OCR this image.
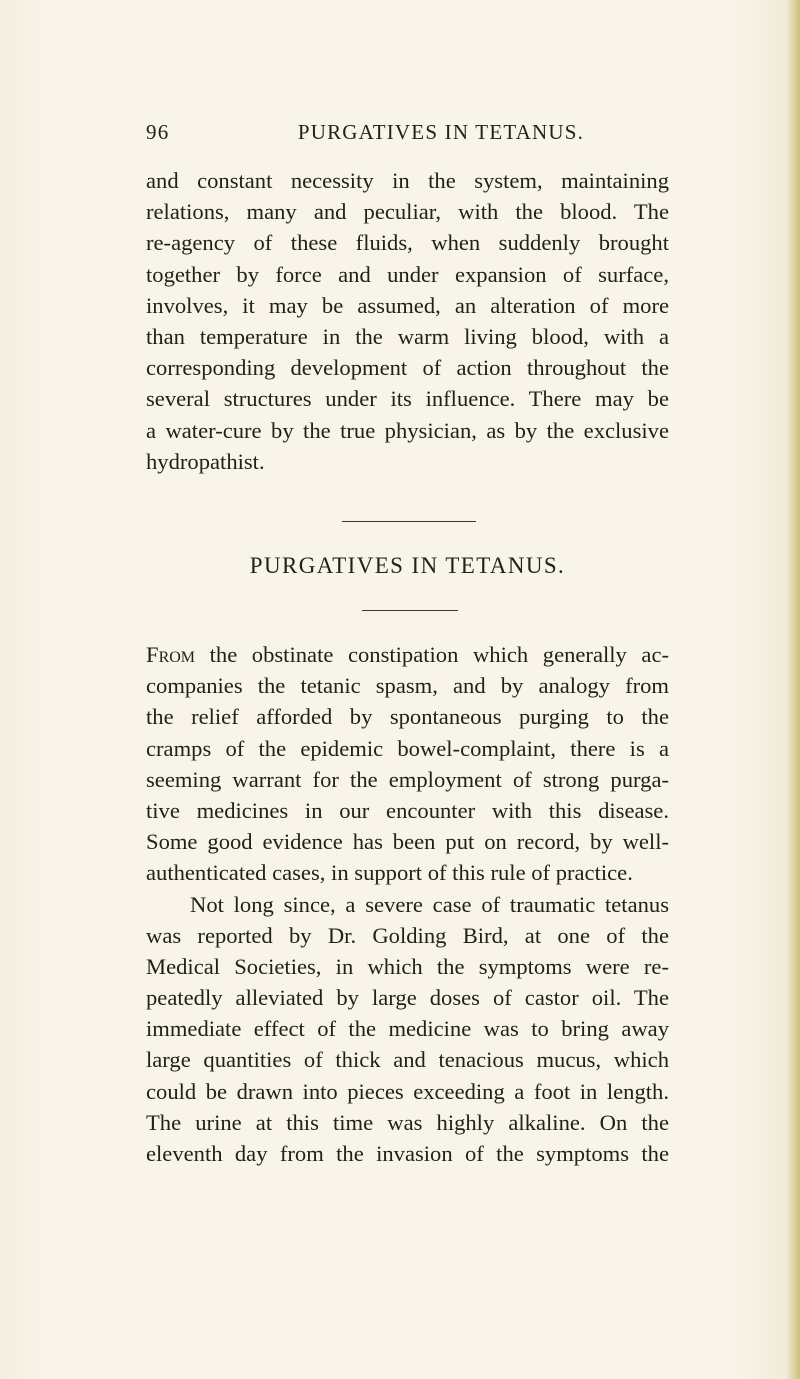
96	PURGATIVES IN TETANUS.
and constant necessity in the system, maintaining
relations, many and peculiar, with the blood. The
re-agency of these fluids, when suddenly brought
together by force and under expansion of surface,
involves, it may be assumed, an alteration of more
than temperature in the warm living blood, with a
corresponding development of action throughout the
several structures under its influence. There may be
a water-cure by the true physician, as by the exclusive
hydropathist.
PURGATIVES IN TETANUS.
From the obstinate constipation which generally ac-
companies the tetanic spasm, and by analogy from
the relief afforded by spontaneous purging to the
cramps of the epidemic bowel-complaint, there is a
seeming warrant for the employment of strong purga-
tive medicines in our encounter with this disease.
Some good evidence has been put on record, by well-
authenticated cases, in support of this rule of practice.
Not long since, a severe case of traumatic tetanus
was reported by Dr. Golding Bird, at one of the
Medical Societies, in which the symptoms were re-
peatedly alleviated by large doses of castor oil. The
immediate effect of the medicine was to bring away
large quantities of thick and tenacious mucus, which
could be drawn into pieces exceeding a foot in length.
The urine at this time was highly alkaline. On the
eleventh day from the invasion of the symptoms the
